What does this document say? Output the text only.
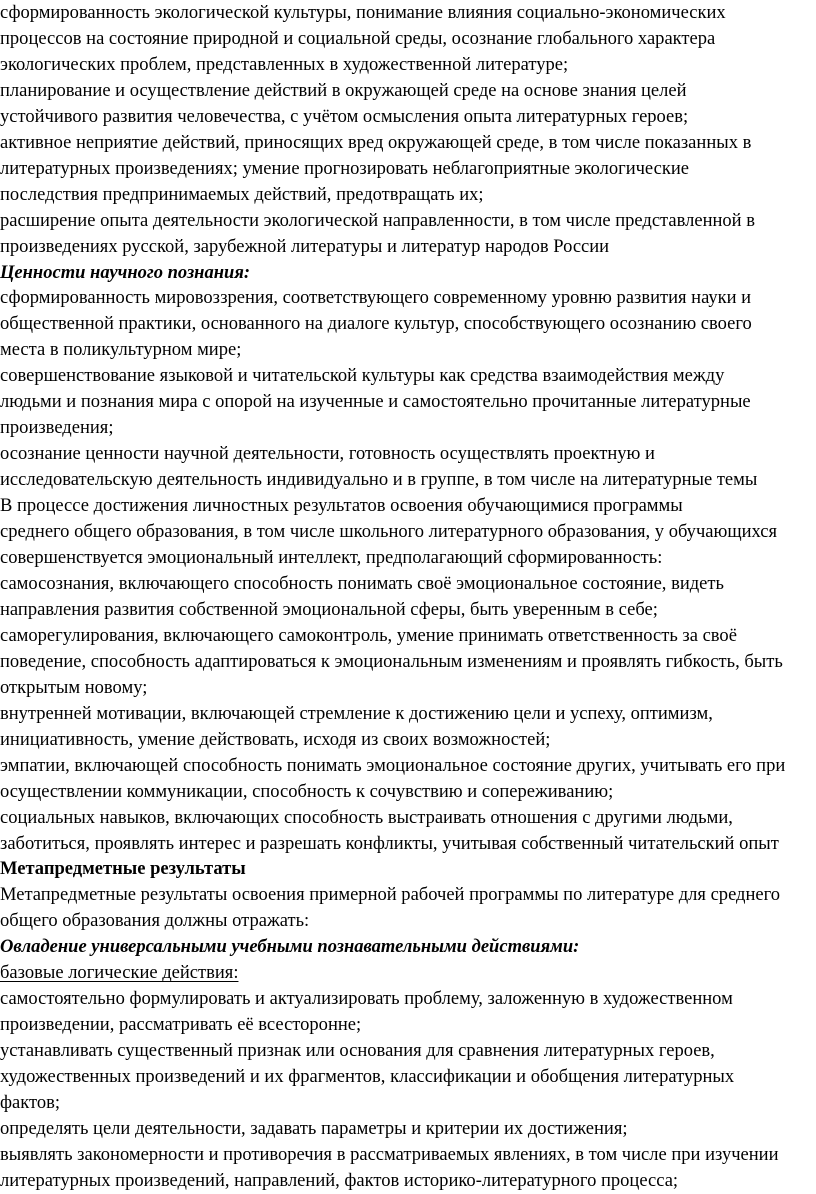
сформированность экологической культуры, понимание влияния социально-экономических

процессов на состояние природной и социальной среды, осознание глобального характера

экологических проблем, представленных в художественной литературе;

планирование и осуществление действий в окружающей среде на основе знания целей

устойчивого развития человечества, с учётом осмысления опыта литературных героев;

активное неприятие действий, приносящих вред окружающей среде, в том числе показанных в

литературных произведениях; умение прогнозировать неблагоприятные экологические

последствия предпринимаемых действий, предотвращать их;

расширение опыта деятельности экологической направленности, в том числе представленной в

произведениях русской, зарубежной литературы и литератур народов России

Ценности научного познания:

сформированность мировоззрения, соответствующего современному уровню развития науки и

общественной практики, основанного на диалоге культур, способствующего осознанию своего

места в поликультурном мире;

совершенствование языковой и читательской культуры как средства взаимодействия между

людьми и познания мира с опорой на изученные и самостоятельно прочитанные литературные

произведения;

осознание ценности научной деятельности, готовность осуществлять проектную и

исследовательскую деятельность индивидуально и в группе, в том числе на литературные темы

В процессе достижения личностных результатов освоения обучающимися программы

среднего общего образования, в том числе школьного литературного образования, у обучающихся

совершенствуется эмоциональный интеллект, предполагающий сформированность:

самосознания, включающего способность понимать своё эмоциональное состояние, видеть

направления развития собственной эмоциональной сферы, быть уверенным в себе;

саморегулирования, включающего самоконтроль, умение принимать ответственность за своё

поведение, способность адаптироваться к эмоциональным изменениям и проявлять гибкость, быть

открытым новому;

внутренней мотивации, включающей стремление к достижению цели и успеху, оптимизм,

инициативность, умение действовать, исходя из своих возможностей;

эмпатии, включающей способность понимать эмоциональное состояние других, учитывать его при

осуществлении коммуникации, способность к сочувствию и сопереживанию;

социальных навыков, включающих способность выстраивать отношения с другими людьми,

заботиться, проявлять интерес и разрешать конфликты, учитывая собственный читательский опыт

Метапредметные результаты

Метапредметные результаты освоения примерной рабочей программы по литературе для среднего

общего образования должны отражать:

Овладение универсальными учебными познавательными действиями:

базовые логические действия:

самостоятельно формулировать и актуализировать проблему, заложенную в художественном

произведении, рассматривать её всесторонне;

устанавливать существенный признак или основания для сравнения литературных героев,

художественных произведений и их фрагментов, классификации и обобщения литературных

фактов;

определять цели деятельности, задавать параметры и критерии их достижения;

выявлять закономерности и противоречия в рассматриваемых явлениях, в том числе при изучении

литературных произведений, направлений, фактов историко-литературного процесса;
